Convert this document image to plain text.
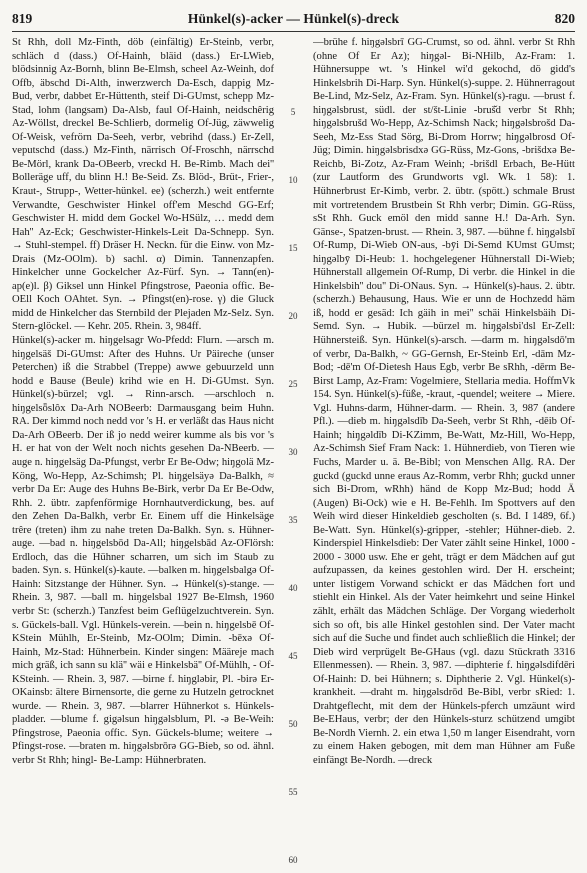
819	Hünkel(s)-acker — Hünkel(s)-dreck	820

St Rhh, doll Mz-Finth, döb (einfältig) Er-Steinb, verbr, schläch d (dass.) Of-Hainh, bläid (dass.) Er-LWieb, blödsinnig Az-Bornh, blinn Be-Elmsh, scheel Az-Weinh, dof Offb, äbschd Di-Alth, inwerzwerch Da-Esch, dappig Mz-Bud, verbr, dabbet Er-Hüttenth, steif Di-GUmst, schepp Mz-Stad, lohm (langsam) Da-Alsb, faul Of-Hainh, neidschêrig Az-Wöllst, dreckel Be-Schlierb, dormelig Of-Jüg, zäwwelig Of-Weisk, vefrörn Da-Seeh, verbr, vebrihd (dass.) Er-Zell, veputschd (dass.) Mz-Finth, närrisch Of-Froschh, närrschd Be-Mörl, krank Da-OBeerb, vreckd H. Be-Rimb. Mach dei'' Bolleräge uff, du blinn H.! Be-Seid. Zs. Blöd-, Brüt-, Frier-, Kraut-, Strupp-, Wetter-hünkel. ee) (scherzh.) weit entfernte Verwandte, Geschwister Hinkel off'em Meschd GG-Erf; Geschwister H. midd dem Gockel Wo-HSülz, … medd dem Hah'' Az-Eck; Geschwister-Hinkels-Leit Da-Schnepp. Syn. → Stuhl-stempel. ff) Dräser H. Neckn. für die Einw. von Mz-Drais (Mz-OOlm). b) sachl. α) Dimin. Tannenzapfen. Hinkelcher unne Gockelcher Az-Fürf. Syn. → Tann(en)-ap(e)l. β) Giksel unn Hinkel Pfingstrose, Paeonia offic. Be-OEll Koch OAhtet. Syn. → Pfingst(en)-rose. γ) die Gluck midd de Hinkelcher das Sternbild der Plejaden Mz-Selz. Syn. Stern-glöckel. — Kehr. 205. Rhein. 3, 984ff.

Hünkel(s)-acker m. hiŋgelsagr Wo-Pfedd: Flurn. —arsch m. hiŋgelsäš Di-GUmst: After des Huhns. Ur Päireche (unser Peterchen) iß die Strabbel (Treppe) awwe gebuurzeld unn hodd e Bause (Beule) krihd wie en H. Di-GUmst. Syn. Hünkel(s)-bürzel; vgl. → Rinn-arsch. —arschloch n. hiŋgelsȫslôx Da-Arh NOBeerb: Darmausgang beim Huhn. RA. Der kimmd noch nedd vor 's H. er verläßt das Haus nicht Da-Arh OBeerb. Der iß jo nedd weirer kumme als bis vor 's H. er hat von der Welt noch nichts gesehen Da-NBeerb. —auge n. hiŋgelsäg Da-Pfungst, verbr Er Be-Odw; hiŋgolä Mz-Köng, Wo-Hepp, Az-Schimsh; Pl. hiŋgelsäyə Da-Balkh, ≈ verbr Da Er: Auge des Huhns Be-Birk, verbr Da Er Be-Odw, Rhh. 2. übtr. zapfenförmige Hornhautverdickung, bes. auf den Zehen Da-Balkh, verbr Er. Einem uff die Hinkelsäge trêre (treten) ihm zu nahe treten Da-Balkh. Syn. s. Hühner-auge. —bad n. hiŋgelsbōd Da-All; hiŋgelsbād Az-OFlörsh: Erdloch, das die Hühner scharren, um sich im Staub zu baden. Syn. s. Hünkel(s)-kaute. —balken m. hiŋgelsbalgə Of-Hainh: Sitzstange der Hühner. Syn. → Hünkel(s)-stange. — Rhein. 3, 987. —ball m. hiŋgelsbal 1927 Be-Elmsh, 1960 verbr St: (scherzh.) Tanzfest beim Geflügelzuchtverein. Syn. s. Gückels-ball. Vgl. Hünkels-verein. —bein n. hiŋgelsbē Of-KStein Mühlh, Er-Steinb, Mz-OOlm; Dimin. -bēxə Of-Hainh, Mz-Stad: Hühnerbein. Kinder singen: Määreje mach mich gräß, ich sann su klä'' wäi e Hinkelsbä'' Of-Mühlh, - Of-KSteinh. — Rhein. 3, 987. —birne f. hiŋgləbir, Pl. -birə Er-OKainsb: ältere Birnensorte, die gerne zu Hutzeln getrocknet wurde. — Rhein. 3, 987. —blarrer Hühnerkot s. Hünkels-pladder. —blume f. gigəlsun hiŋgəlsblum, Pl. -ə Be-Weih: Pfingstrose, Paeonia offic. Syn. Gückels-blume; weitere → Pfingst-rose. —braten m. hiŋgəlsbrōrə GG-Bieb, so od. ähnl. verbr St Rhh; hingl- Be-Lamp: Hühnerbraten.

5
10
15
20
25
30
35
40
45
50
55
60

—brühe f. hiŋgəlsbrī GG-Crumst, so od. ähnl. verbr St Rhh (ohne Of Er Az); hiŋgəl- Bi-NHilb, Az-Fram: 1. Hühnersuppe wt. 's Hinkel wi'd gekochd, dö gidd's Hinkelsbrih Di-Harp. Syn. Hünkel(s)-suppe. 2. Hühnerragout Be-Lind, Mz-Selz, Az-Fram. Syn. Hünkel(s)-ragu. —brust f. hiŋgəlsbrust, südl. der st/št-Linie -bruš̌d verbr St Rhh; hiŋgəlsbrušd Wo-Hepp, Az-Schimsh Nack; hiŋgəlsbrošd Da-Seeh, Mz-Ess Stad Sörg, Bi-Drom Horrw; hiŋgəlbrosd Of-Jüg; Dimin. hiŋgəlsbrisdxə GG-Rüss, Mz-Gons, -brišdxə Be-Reichb, Bi-Zotz, Az-Fram Weinh; -brišdl Erbach, Be-Hütt (zur Lautform des Grundworts vgl. Wk. 1 58): 1. Hühnerbrust Er-Kimb, verbr. 2. übtr. (spött.) schmale Brust mit vortretendem Brustbein St Rhh verbr; Dimin. GG-Rüss, sSt Rhh. Guck emöl den midd sanne H.! Da-Arh. Syn. Gänse-, Spatzen-brust. — Rhein. 3, 987. —bühne f. hiŋgəlsbī Of-Rump, Di-Wieb ON-aus, -bȳi Di-Semd KUmst GUmst; hiŋgəlbȳ Di-Heub: 1. hochgelegener Hühnerstall Di-Wieb; Hühnerstall allgemein Of-Rump, Di verbr. die Hinkel in die Hinkelsbih'' dou'' Di-ONaus. Syn. → Hünkel(s)-haus. 2. übtr. (scherzh.) Behausung, Haus. Wie er unn de Hochzedd häm iß, hodd er gesäd: Ich gäih in mei'' schäi Hinkelsbäih Di-Semd. Syn. → Hubik. —bürzel m. hiŋgəlsbi'dsl Er-Zell: Hühnersteiß. Syn. Hünkel(s)-arsch. —darm m. hiŋgəlsdō'm of verbr, Da-Balkh, ~ GG-Gernsh, Er-Steinb Erl, -dām Mz-Bod; -dē'm Of-Dietesh Haus Egb, verbr Be sRhh, -dērm Be-Birst Lamp, Az-Fram: Vogelmiere, Stellaria media. HoffmVk 154. Syn. Hünkel(s)-füße, -kraut, -quendel; weitere → Miere. Vgl. Huhns-darm, Hühner-darm. — Rhein. 3, 987 (andere Pfl.). —dieb m. hiŋgəlsdīb Da-Seeh, verbr St Rhh, -dēib Of-Hainh; hiŋgəldīb Di-KZimm, Be-Watt, Mz-Hill, Wo-Hepp, Az-Schimsh Sief Fram Nack: 1. Hühnerdieb, von Tieren wie Fuchs, Marder u. ä. Be-Bibl; von Menschen Allg. RA. Der guckd (guckd unne eraus Az-Romm, verbr Rhh; guckd unner sich Bi-Drom, wRhh) händ de Kopp Mz-Bud; hodd Ä (Augen) Bi-Ock) wie e H. Be-Fehlh. Im Spottvers auf den Weih wird dieser Hinkeldieb gescholten (s. Bd. I 1489, 6f.) Be-Watt. Syn. Hünkel(s)-gripper, -stehler; Hühner-dieb. 2. Kinderspiel Hinkelsdieb: Der Vater zählt seine Hinkel, 1000 - 2000 - 3000 usw. Ehe er geht, trägt er dem Mädchen auf gut aufzupassen, da keines gestohlen wird. Der H. erscheint; unter listigem Vorwand schickt er das Mädchen fort und stiehlt ein Hinkel. Als der Vater heimkehrt und seine Hinkel zählt, erhält das Mädchen Schläge. Der Vorgang wiederholt sich so oft, bis alle Hinkel gestohlen sind. Der Vater macht sich auf die Suche und findet auch schließlich die Hinkel; der Dieb wird verprügelt Be-GHaus (vgl. dazu Stückrath 3316 Ellenmessen). — Rhein. 3, 987. —diphterie f. hiŋgəlsdifdēri Of-Hainh: D. bei Hühnern; s. Diphtherie 2. Vgl. Hünkel(s)-krankheit. —draht m. hiŋgəlsdrōd Be-Bibl, verbr sRied: 1. Drahtgeflecht, mit dem der Hünkels-pferch umzäunt wird Be-EHaus, verbr; der den Hünkels-sturz schützend umgibt Be-Nordh Viernh. 2. ein etwa 1,50 m langer Eisendraht, vorn zu einem Haken gebogen, mit dem man Hühner am Fuße einfängt Be-Nordh. —dreck
